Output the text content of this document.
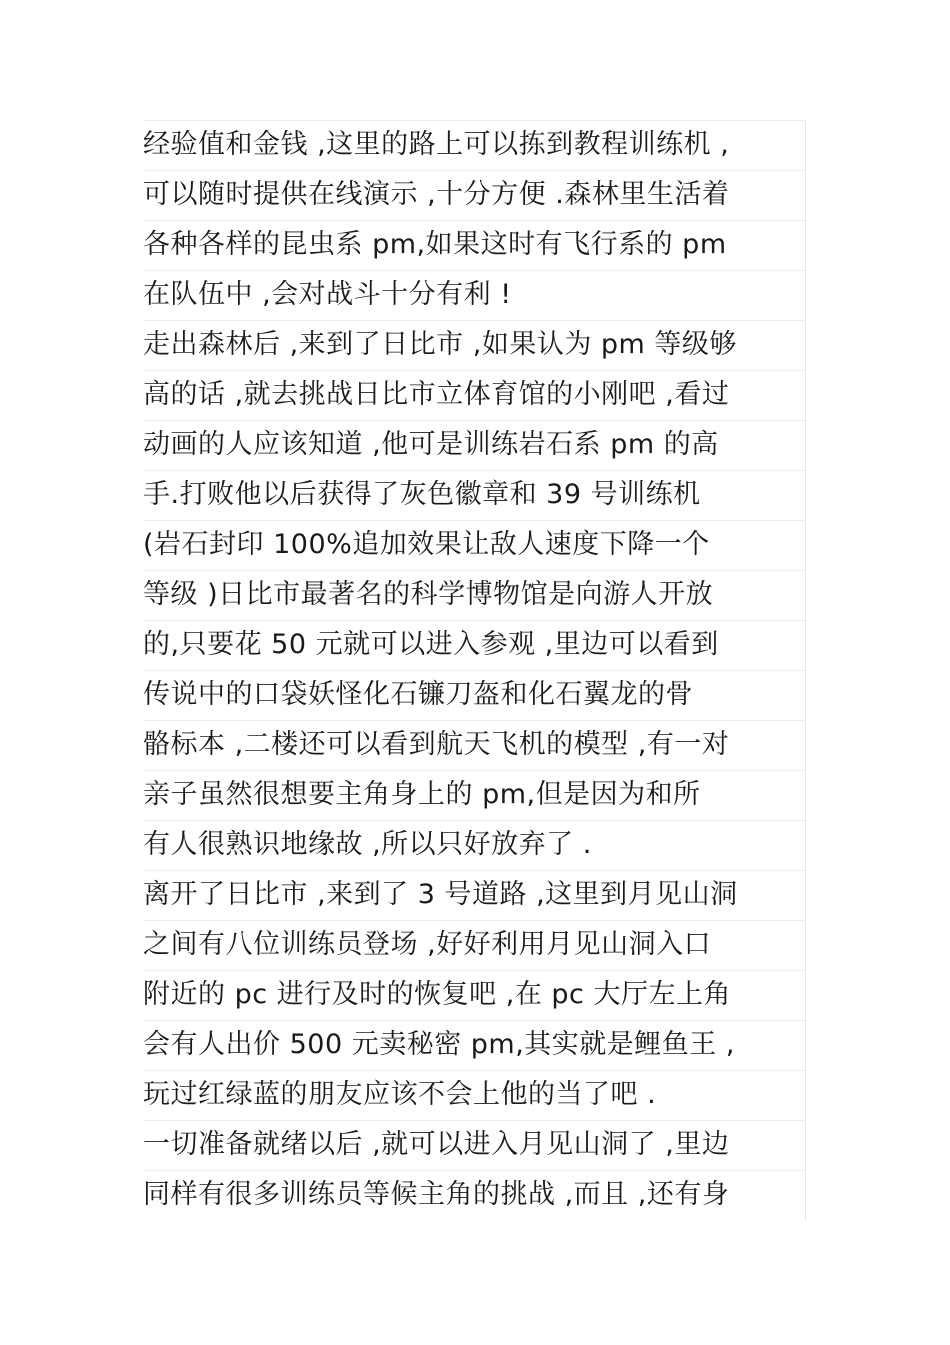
经验值和金钱 ,这里的路上可以拣到教程训练机 ,
可以随时提供在线演示 ,十分方便 .森林里生活着
各种各样的昆虫系 pm,如果这时有飞行系的 pm
在队伍中 ,会对战斗十分有利 !
走出森林后 ,来到了日比市 ,如果认为 pm 等级够
高的话 ,就去挑战日比市立体育馆的小刚吧 ,看过
动画的人应该知道 ,他可是训练岩石系 pm 的高
手.打败他以后获得了灰色徽章和 39 号训练机
(岩石封印 100%追加效果让敌人速度下降一个
等级 )日比市最著名的科学博物馆是向游人开放
的,只要花 50 元就可以进入参观 ,里边可以看到
传说中的口袋妖怪化石镰刀盔和化石翼龙的骨
骼标本 ,二楼还可以看到航天飞机的模型 ,有一对
亲子虽然很想要主角身上的 pm,但是因为和所
有人很熟识地缘故 ,所以只好放弃了 .
离开了日比市 ,来到了 3 号道路 ,这里到月见山洞
之间有八位训练员登场 ,好好利用月见山洞入口
附近的 pc 进行及时的恢复吧 ,在 pc 大厅左上角
会有人出价 500 元卖秘密 pm,其实就是鲤鱼王 ,
玩过红绿蓝的朋友应该不会上他的当了吧 .
一切准备就绪以后 ,就可以进入月见山洞了 ,里边
同样有很多训练员等候主角的挑战 ,而且 ,还有身
